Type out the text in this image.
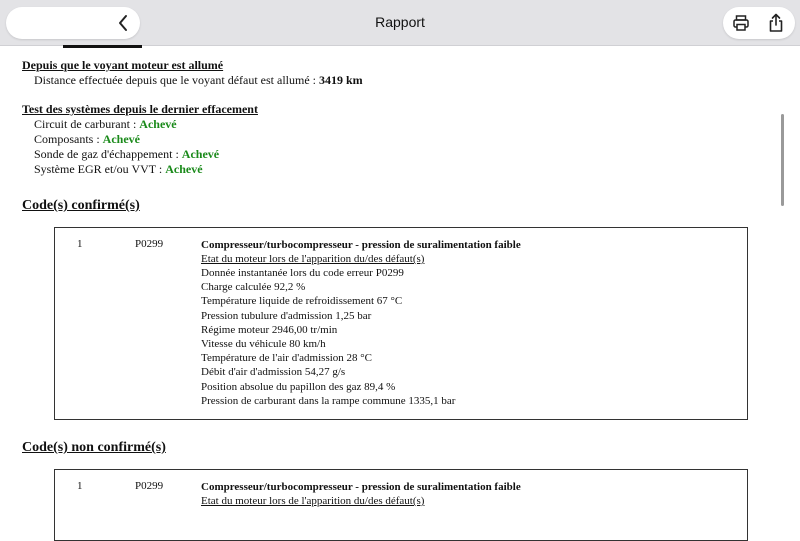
Rapport
Depuis que le voyant moteur est allumé
Distance effectuée depuis que le voyant défaut est allumé : 3419 km
Test des systèmes depuis le dernier effacement
Circuit de carburant : Achevé
Composants : Achevé
Sonde de gaz d'échappement : Achevé
Système EGR et/ou VVT : Achevé
Code(s) confirmé(s)
1	P0299	Compresseur/turbocompresseur - pression de suralimentation faible
Etat du moteur lors de l'apparition du/des défaut(s)
Donnée instantanée lors du code erreur P0299
Charge calculée 92,2 %
Température liquide de refroidissement 67 °C
Pression tubulure d'admission 1,25 bar
Régime moteur 2946,00 tr/min
Vitesse du véhicule 80 km/h
Température de l'air d'admission 28 °C
Débit d'air d'admission 54,27 g/s
Position absolue du papillon des gaz 89,4 %
Pression de carburant dans la rampe commune 1335,1 bar
Code(s) non confirmé(s)
1	P0299	Compresseur/turbocompresseur - pression de suralimentation faible
Etat du moteur lors de l'apparition du/des défaut(s)
